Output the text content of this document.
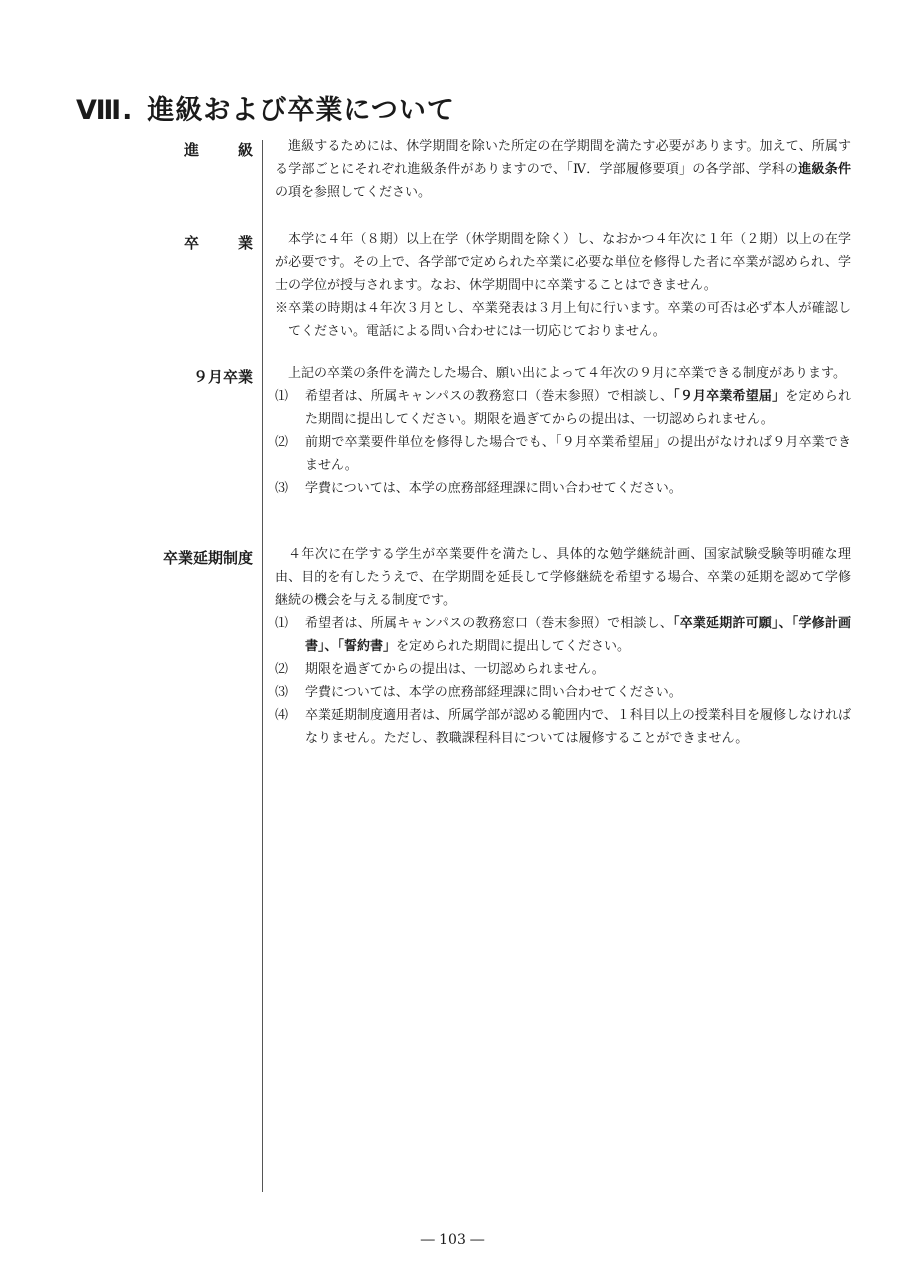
Ⅷ. 進級および卒業について
進　級	進級するためには、休学期間を除いた所定の在学期間を満たす必要があります。加えて、所属する学部ごとにそれぞれ進級条件がありますので、「Ⅳ．学部履修要項」の各学部、学科の進級条件の項を参照してください。

卒　業	本学に４年（８期）以上在学（休学期間を除く）し、なおかつ４年次に１年（２期）以上の在学が必要です。その上で、各学部で定められた卒業に必要な単位を修得した者に卒業が認められ、学士の学位が授与されます。なお、休学期間中に卒業することはできません。

※卒業の時期は４年次３月とし、卒業発表は３月上旬に行います。卒業の可否は必ず本人が確認してください。電話による問い合わせには一切応じておりません。
９月卒業	上記の卒業の条件を満たした場合、願い出によって４年次の９月に卒業できる制度があります。

⑴ 希望者は、所属キャンパスの教務窓口（巻末参照）で相談し、「９月卒業希望届」を定められた期間に提出してください。期限を過ぎてからの提出は、一切認められません。
⑵ 前期で卒業要件単位を修得した場合でも、「９月卒業希望届」の提出がなければ９月卒業できません。
⑶ 学費については、本学の庶務部経理課に問い合わせてください。
卒業延期制度	４年次に在学する学生が卒業要件を満たし、具体的な勉学継続計画、国家試験受験等明確な理由、目的を有したうえで、在学期間を延長して学修継続を希望する場合、卒業の延期を認めて学修継続の機会を与える制度です。

⑴ 希望者は、所属キャンパスの教務窓口（巻末参照）で相談し、「卒業延期許可願」、「学修計画書」、「誓約書」を定められた期間に提出してください。
⑵ 期限を過ぎてからの提出は、一切認められません。
⑶ 学費については、本学の庶務部経理課に問い合わせてください。
⑷ 卒業延期制度適用者は、所属学部が認める範囲内で、１科目以上の授業科目を履修しなければなりません。ただし、教職課程科目については履修することができません。
― 103 ―
